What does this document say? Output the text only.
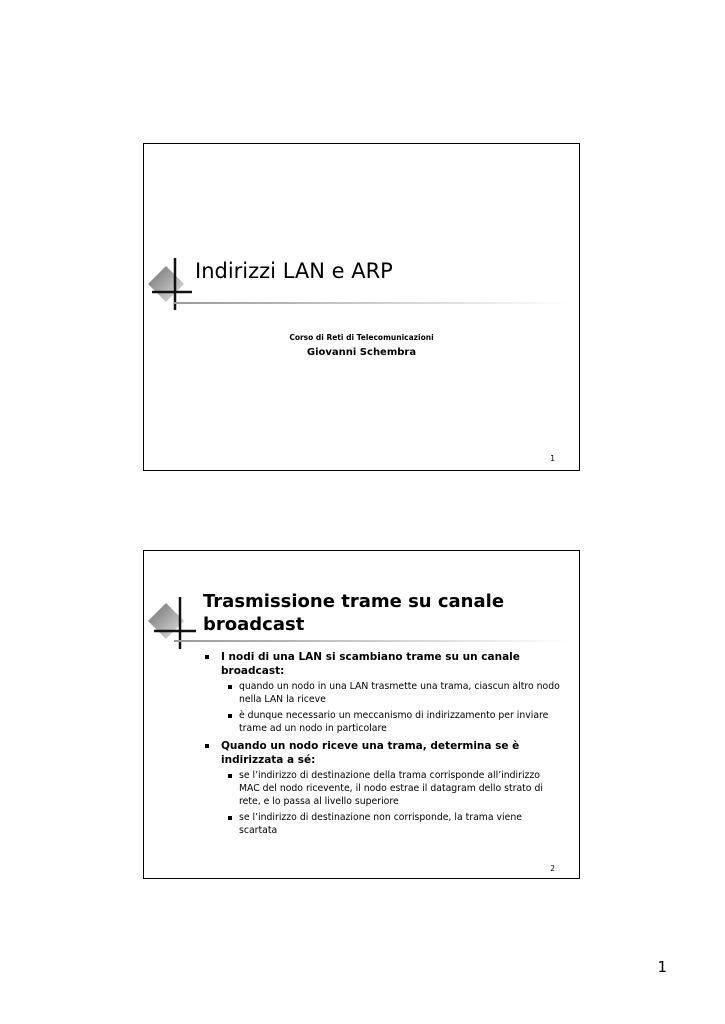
Indirizzi LAN e ARP
Corso di Reti di Telecomunicazioni
Giovanni Schembra
1
Trasmissione trame su canale
broadcast
I nodi di una LAN si scambiano trame su un canale broadcast:
quando un nodo in una LAN trasmette una trama, ciascun altro nodo nella LAN la riceve
è dunque necessario un meccanismo di indirizzamento per inviare trame ad un nodo in particolare
Quando un nodo riceve una trama, determina se è indirizzata a sé:
se l’indirizzo di destinazione della trama corrisponde all’indirizzo MAC del nodo ricevente, il nodo estrae il datagram dello strato di rete, e lo passa al livello superiore
se l’indirizzo di destinazione non corrisponde, la trama viene scartata
2
1
